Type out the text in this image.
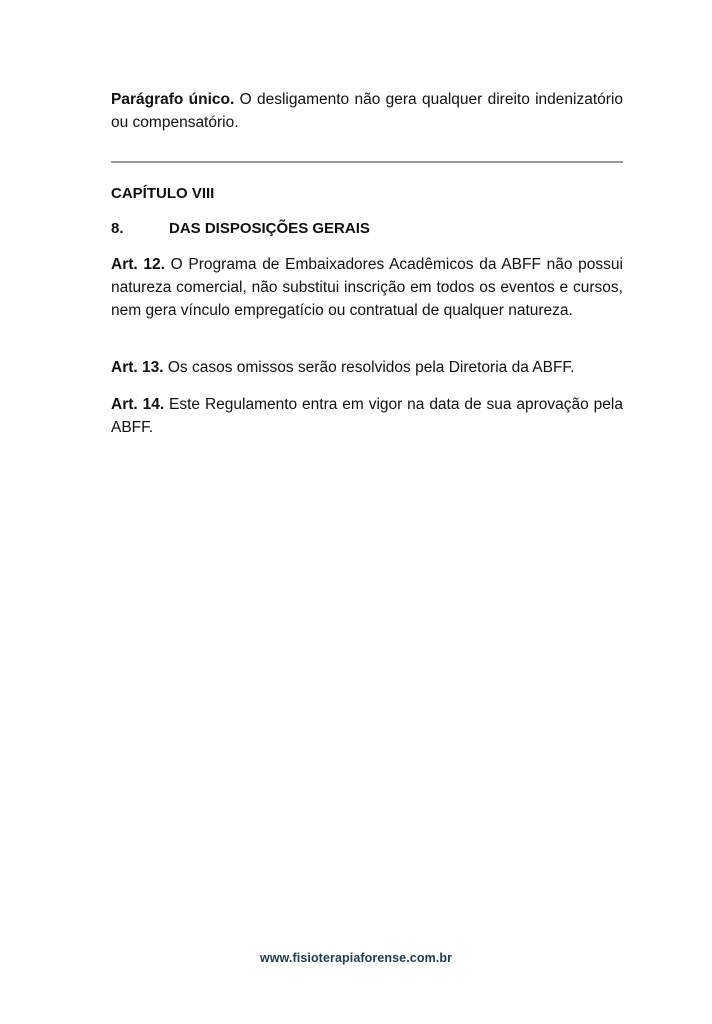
Parágrafo único. O desligamento não gera qualquer direito indenizatório ou compensatório.

CAPÍTULO VIII
8.	DAS DISPOSIÇÕES GERAIS

Art. 12. O Programa de Embaixadores Acadêmicos da ABFF não possui natureza comercial, não substitui inscrição em todos os eventos e cursos, nem gera vínculo empregatício ou contratual de qualquer natureza.

Art. 13. Os casos omissos serão resolvidos pela Diretoria da ABFF.

Art. 14. Este Regulamento entra em vigor na data de sua aprovação pela ABFF.

www.fisioterapiaforense.com.br
